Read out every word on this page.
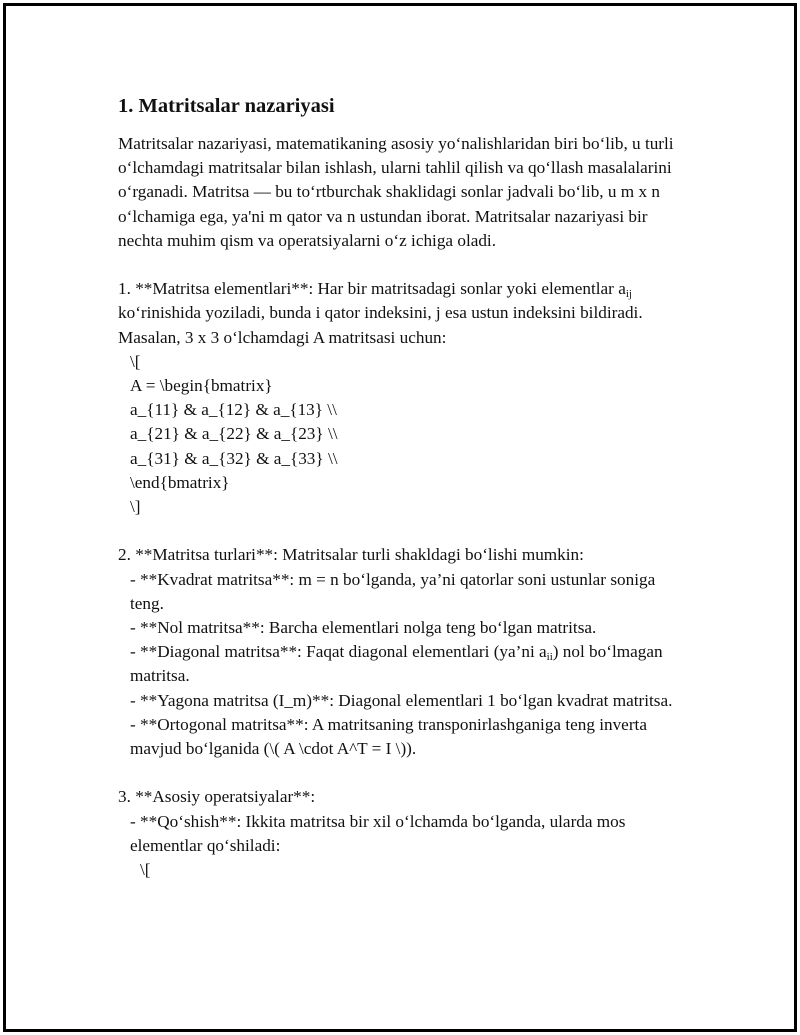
1. Matritsalar nazariyasi

Matritsalar nazariyasi, matematikaning asosiy yo‘nalishlaridan biri bo‘lib, u turli o‘lchamdagi matritsalar bilan ishlash, ularni tahlil qilish va qo‘llash masalalarini o‘rganadi. Matritsa — bu to‘rtburchak shaklidagi sonlar jadvali bo‘lib, u m x n o‘lchamiga ega, ya'ni m qator va n ustundan iborat. Matritsalar nazariyasi bir nechta muhim qism va operatsiyalarni o‘z ichiga oladi.

1. **Matritsa elementlari**: Har bir matritsadagi sonlar yoki elementlar $a_{ij}$ ko‘rinishida yoziladi, bunda i qator indeksini, j esa ustun indeksini bildiradi. Masalan, 3 x 3 o‘lchamdagi A matritsasi uchun:

\[
A = \begin{bmatrix}
a_{11} & a_{12} & a_{13} \\
a_{21} & a_{22} & a_{23} \\
a_{31} & a_{32} & a_{33} \\
\end{bmatrix}
\]

2. **Matritsa turlari**: Matritsalar turli shakldagi bo‘lishi mumkin:

- **Kvadrat matritsa**: m = n bo‘lganda, ya’ni qatorlar soni ustunlar soniga teng.

- **Nol matritsa**: Barcha elementlari nolga teng bo‘lgan matritsa.

- **Diagonal matritsa**: Faqat diagonal elementlari (ya’ni $a_{ii}$) nol bo‘lmagan matritsa.

- **Yagona matritsa (I_m)**: Diagonal elementlari 1 bo‘lgan kvadrat matritsa.

- **Ortogonal matritsa**: A matritsaning transponirlashganiga teng inverta mavjud bo‘lganida (\( A \cdot A^T = I \)).

3. **Asosiy operatsiyalar**:

- **Qo‘shish**: Ikkita matritsa bir xil o‘lchamda bo‘lganda, ularda mos elementlar qo‘shiladi:

\[
